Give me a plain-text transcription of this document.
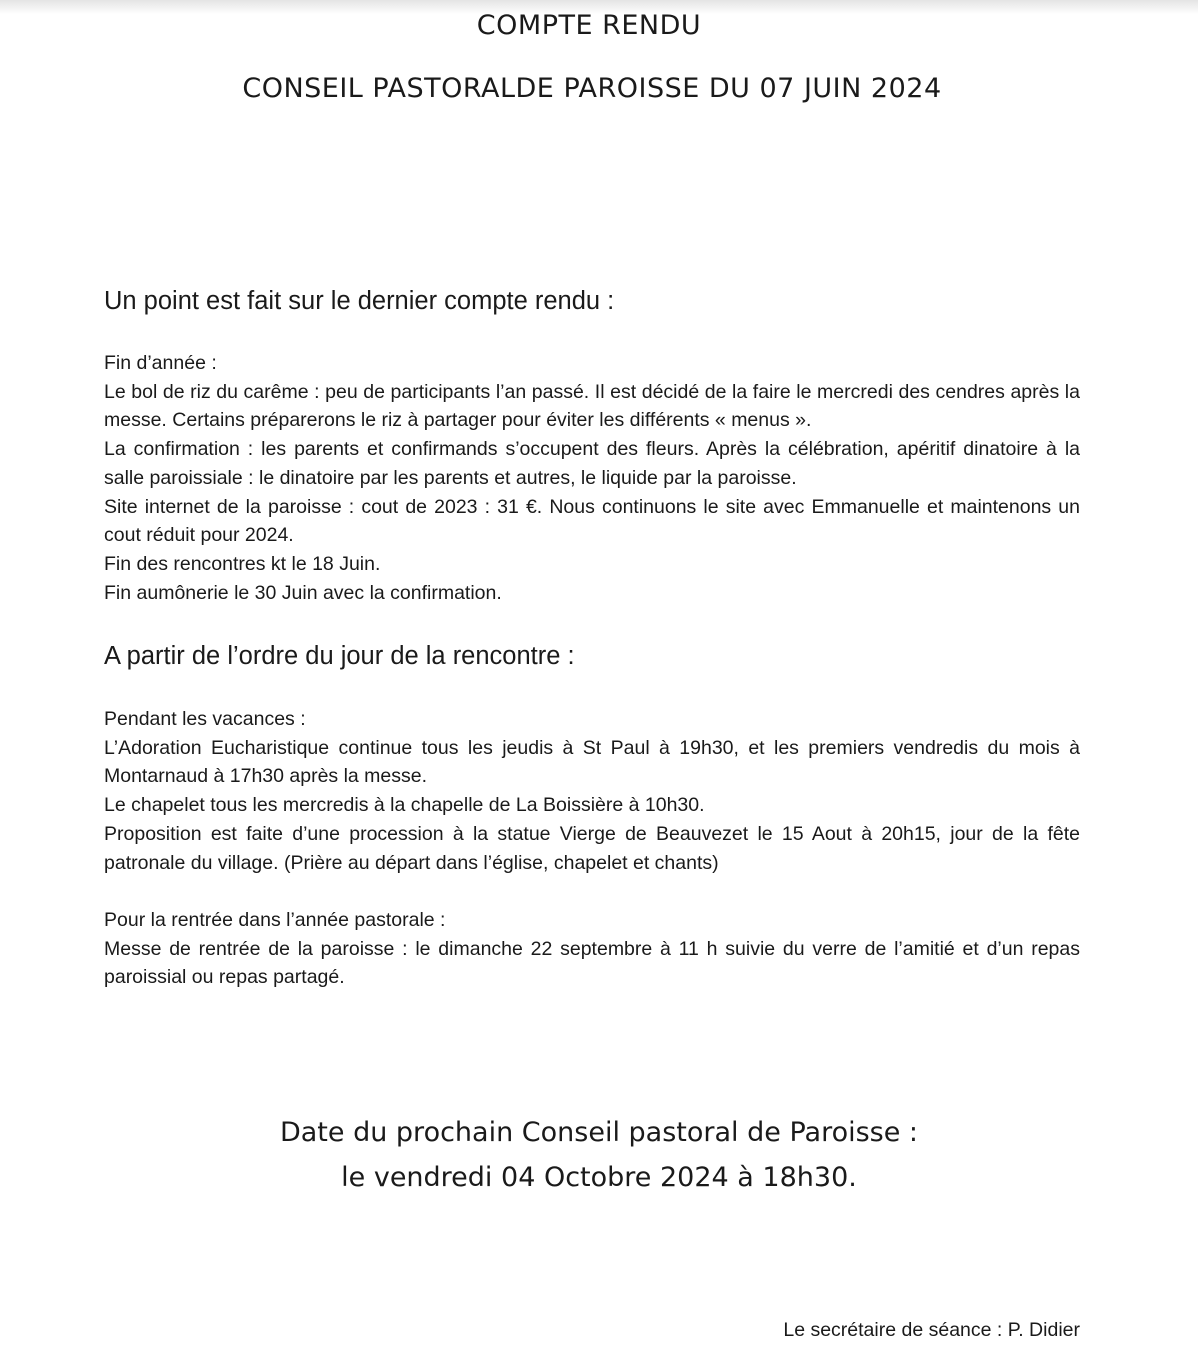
COMPTE RENDU
CONSEIL PASTORALDE PAROISSE DU 07 JUIN 2024
Un point est fait sur le dernier compte rendu :
Fin d’année :
Le bol de riz du carême : peu de participants l’an passé. Il est décidé de la faire le mercredi des cendres après la messe. Certains préparerons le riz à partager pour éviter les différents « menus ».
La confirmation : les parents et confirmands s’occupent des fleurs. Après la célébration, apéritif dinatoire à la salle paroissiale : le dinatoire par les parents et autres, le liquide par la paroisse.
Site internet de la paroisse : cout de 2023 : 31 €. Nous continuons le site avec Emmanuelle et maintenons un cout réduit pour 2024.
Fin des rencontres kt le 18 Juin.
Fin aumônerie le 30 Juin avec la confirmation.
A partir de l’ordre du jour de la rencontre :
Pendant les vacances :
L’Adoration Eucharistique continue tous les jeudis à St Paul à 19h30, et les premiers vendredis du mois à Montarnaud à 17h30 après la messe.
Le chapelet tous les mercredis à la chapelle de La Boissière à 10h30.
Proposition est faite d’une procession à la statue Vierge de Beauvezet le 15 Aout à 20h15, jour de la fête patronale du village. (Prière au départ dans l’église, chapelet et chants)
Pour la rentrée dans l’année pastorale :
Messe de rentrée de la paroisse : le dimanche 22 septembre à 11 h suivie du verre de l’amitié et d’un repas paroissial ou repas partagé.
Date du prochain Conseil pastoral de Paroisse :
le vendredi 04 Octobre 2024 à 18h30.
Le secrétaire de séance : P. Didier
